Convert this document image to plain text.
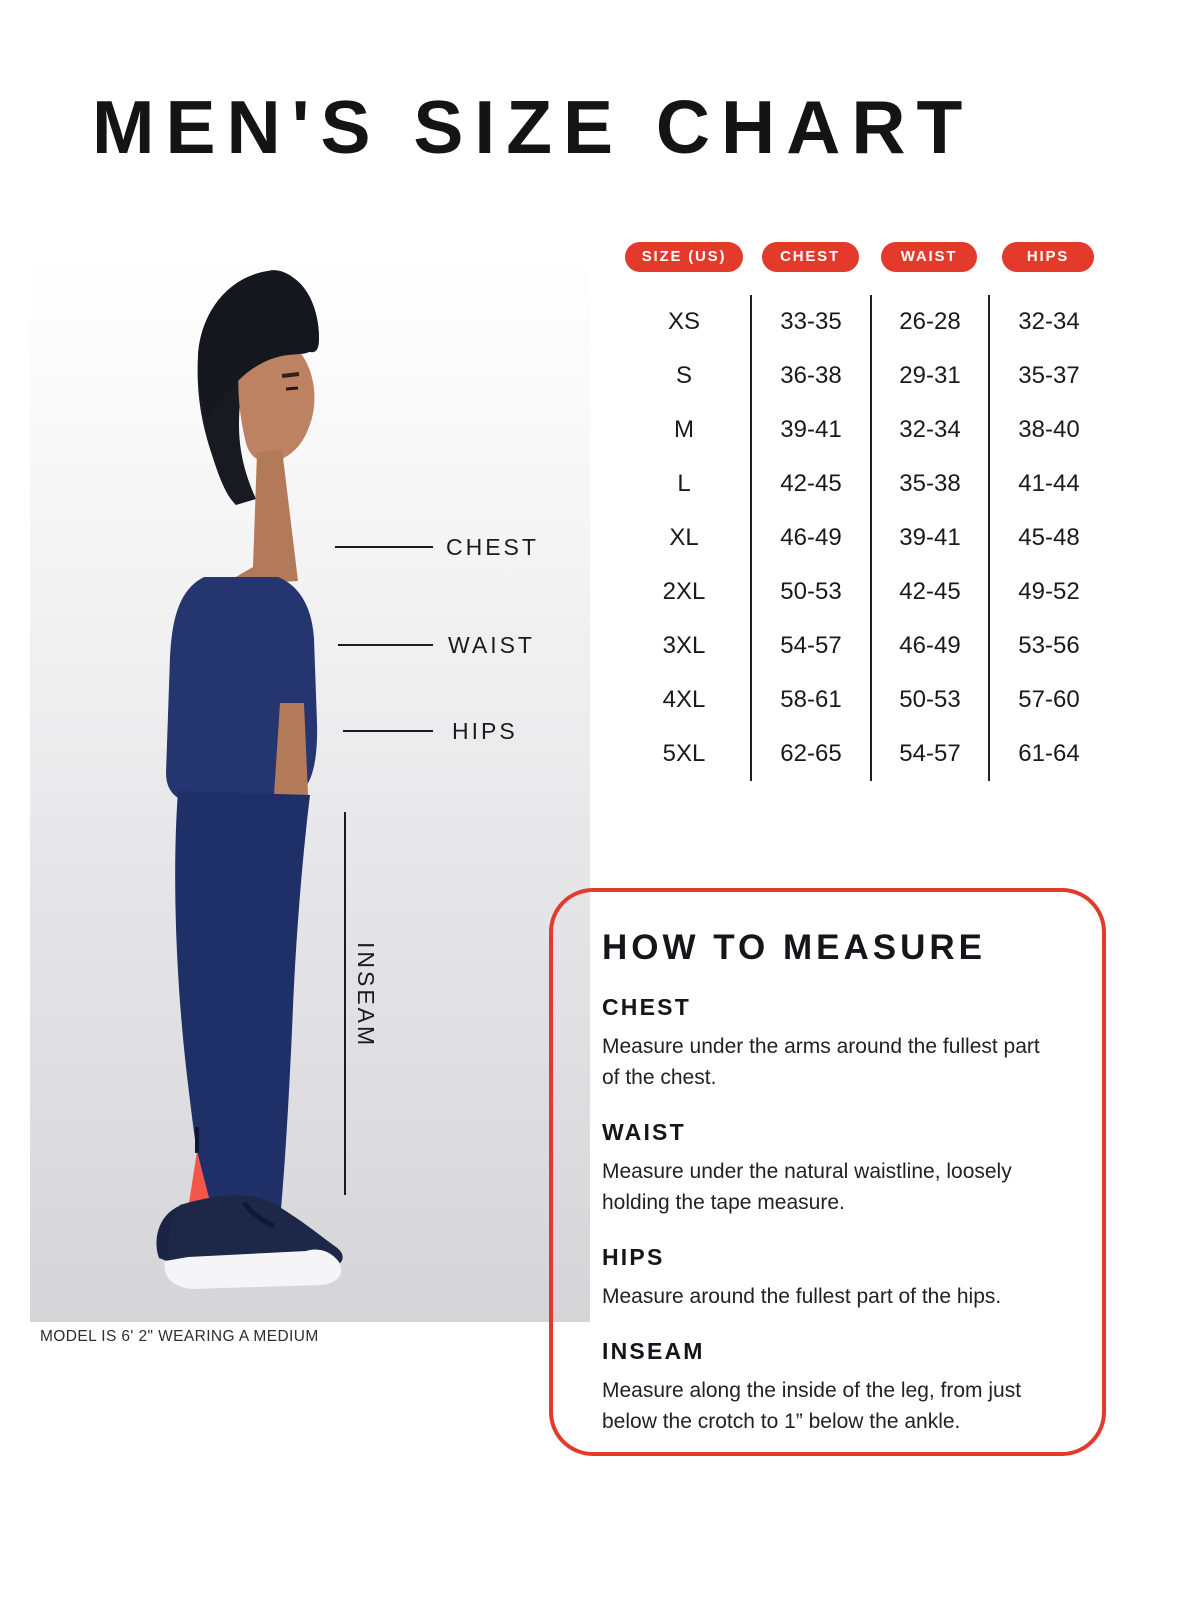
MEN'S SIZE CHART
CHEST
WAIST
HIPS
INSEAM
MODEL IS 6' 2" WEARING A MEDIUM
SIZE (US)	CHEST	WAIST	HIPS
XS	33-35	26-28	32-34
S	36-38	29-31	35-37
M	39-41	32-34	38-40
L	42-45	35-38	41-44
XL	46-49	39-41	45-48
2XL	50-53	42-45	49-52
3XL	54-57	46-49	53-56
4XL	58-61	50-53	57-60
5XL	62-65	54-57	61-64
HOW TO MEASURE
CHEST
Measure under the arms around the fullest part of the chest.
WAIST
Measure under the natural waistline, loosely holding the tape measure.
HIPS
Measure around the fullest part of the hips.
INSEAM
Measure along the inside of the leg, from just below the crotch to 1” below the ankle.
